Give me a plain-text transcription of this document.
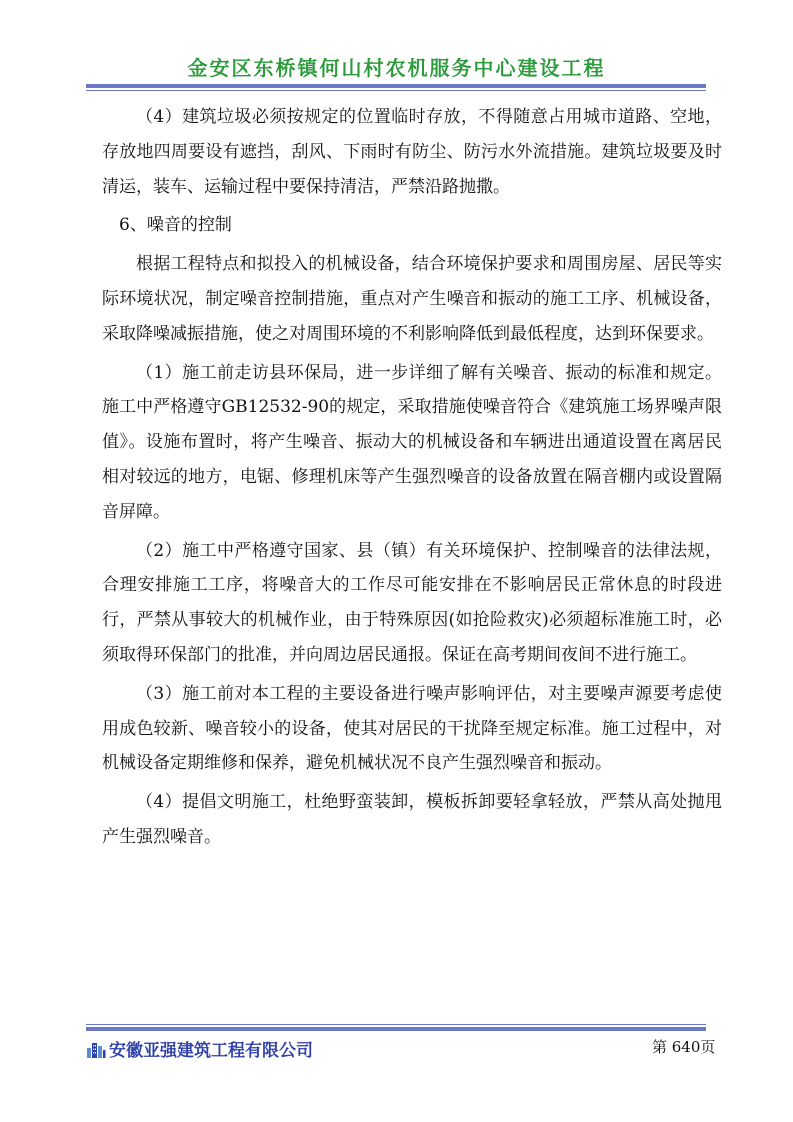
金安区东桥镇何山村农机服务中心建设工程

（4）建筑垃圾必须按规定的位置临时存放，不得随意占用城市道路、空地，存放地四周要设有遮挡，刮风、下雨时有防尘、防污水外流措施。建筑垃圾要及时清运，装车、运输过程中要保持清洁，严禁沿路抛撒。

6、噪音的控制

根据工程特点和拟投入的机械设备，结合环境保护要求和周围房屋、居民等实际环境状况，制定噪音控制措施，重点对产生噪音和振动的施工工序、机械设备，采取降噪减振措施，使之对周围环境的不利影响降低到最低程度，达到环保要求。

（1）施工前走访县环保局，进一步详细了解有关噪音、振动的标准和规定。施工中严格遵守GB12532-90的规定，采取措施使噪音符合《建筑施工场界噪声限值》。设施布置时，将产生噪音、振动大的机械设备和车辆进出通道设置在离居民相对较远的地方，电锯、修理机床等产生强烈噪音的设备放置在隔音棚内或设置隔音屏障。

（2）施工中严格遵守国家、县（镇）有关环境保护、控制噪音的法律法规，合理安排施工工序，将噪音大的工作尽可能安排在不影响居民正常休息的时段进行，严禁从事较大的机械作业，由于特殊原因(如抢险救灾)必须超标准施工时，必须取得环保部门的批准，并向周边居民通报。保证在高考期间夜间不进行施工。

（3）施工前对本工程的主要设备进行噪声影响评估，对主要噪声源要考虑使用成色较新、噪音较小的设备，使其对居民的干扰降至规定标准。施工过程中，对机械设备定期维修和保养，避免机械状况不良产生强烈噪音和振动。

（4）提倡文明施工，杜绝野蛮装卸，模板拆卸要轻拿轻放，严禁从高处抛甩产生强烈噪音。

安徽亚强建筑工程有限公司	第 640页
